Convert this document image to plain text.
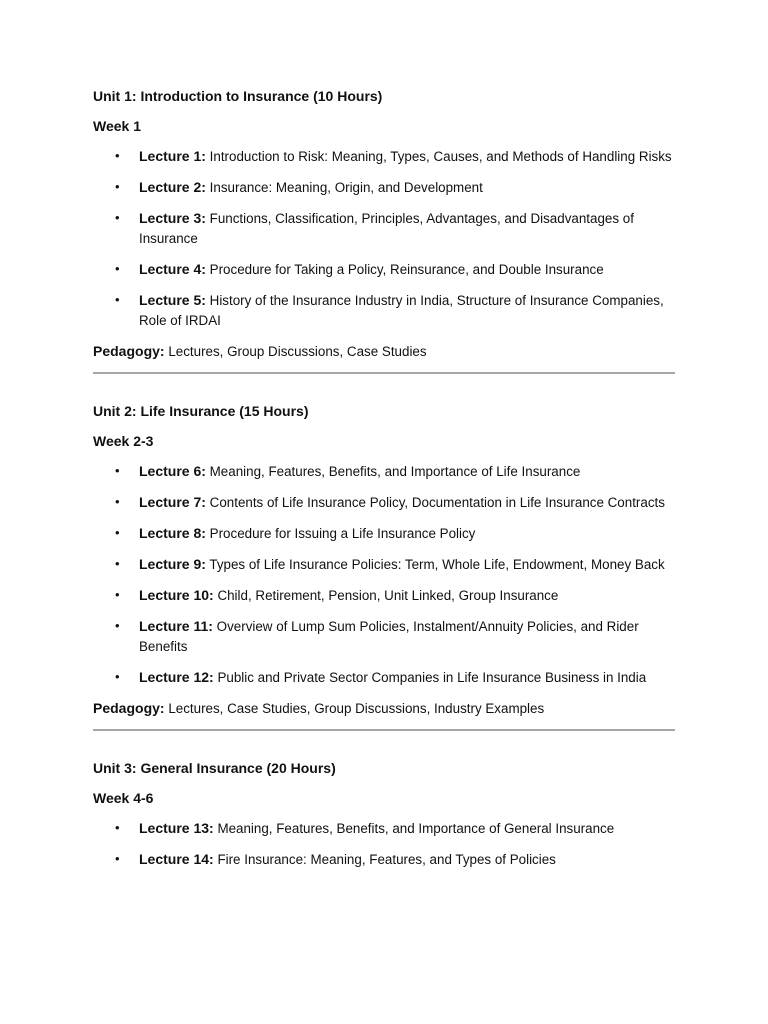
Unit 1: Introduction to Insurance (10 Hours)
Week 1
• Lecture 1: Introduction to Risk: Meaning, Types, Causes, and Methods of Handling Risks
• Lecture 2: Insurance: Meaning, Origin, and Development
• Lecture 3: Functions, Classification, Principles, Advantages, and Disadvantages of Insurance
• Lecture 4: Procedure for Taking a Policy, Reinsurance, and Double Insurance
• Lecture 5: History of the Insurance Industry in India, Structure of Insurance Companies, Role of IRDAI
Pedagogy: Lectures, Group Discussions, Case Studies
Unit 2: Life Insurance (15 Hours)
Week 2-3
• Lecture 6: Meaning, Features, Benefits, and Importance of Life Insurance
• Lecture 7: Contents of Life Insurance Policy, Documentation in Life Insurance Contracts
• Lecture 8: Procedure for Issuing a Life Insurance Policy
• Lecture 9: Types of Life Insurance Policies: Term, Whole Life, Endowment, Money Back
• Lecture 10: Child, Retirement, Pension, Unit Linked, Group Insurance
• Lecture 11: Overview of Lump Sum Policies, Instalment/Annuity Policies, and Rider Benefits
• Lecture 12: Public and Private Sector Companies in Life Insurance Business in India
Pedagogy: Lectures, Case Studies, Group Discussions, Industry Examples
Unit 3: General Insurance (20 Hours)
Week 4-6
• Lecture 13: Meaning, Features, Benefits, and Importance of General Insurance
• Lecture 14: Fire Insurance: Meaning, Features, and Types of Policies
